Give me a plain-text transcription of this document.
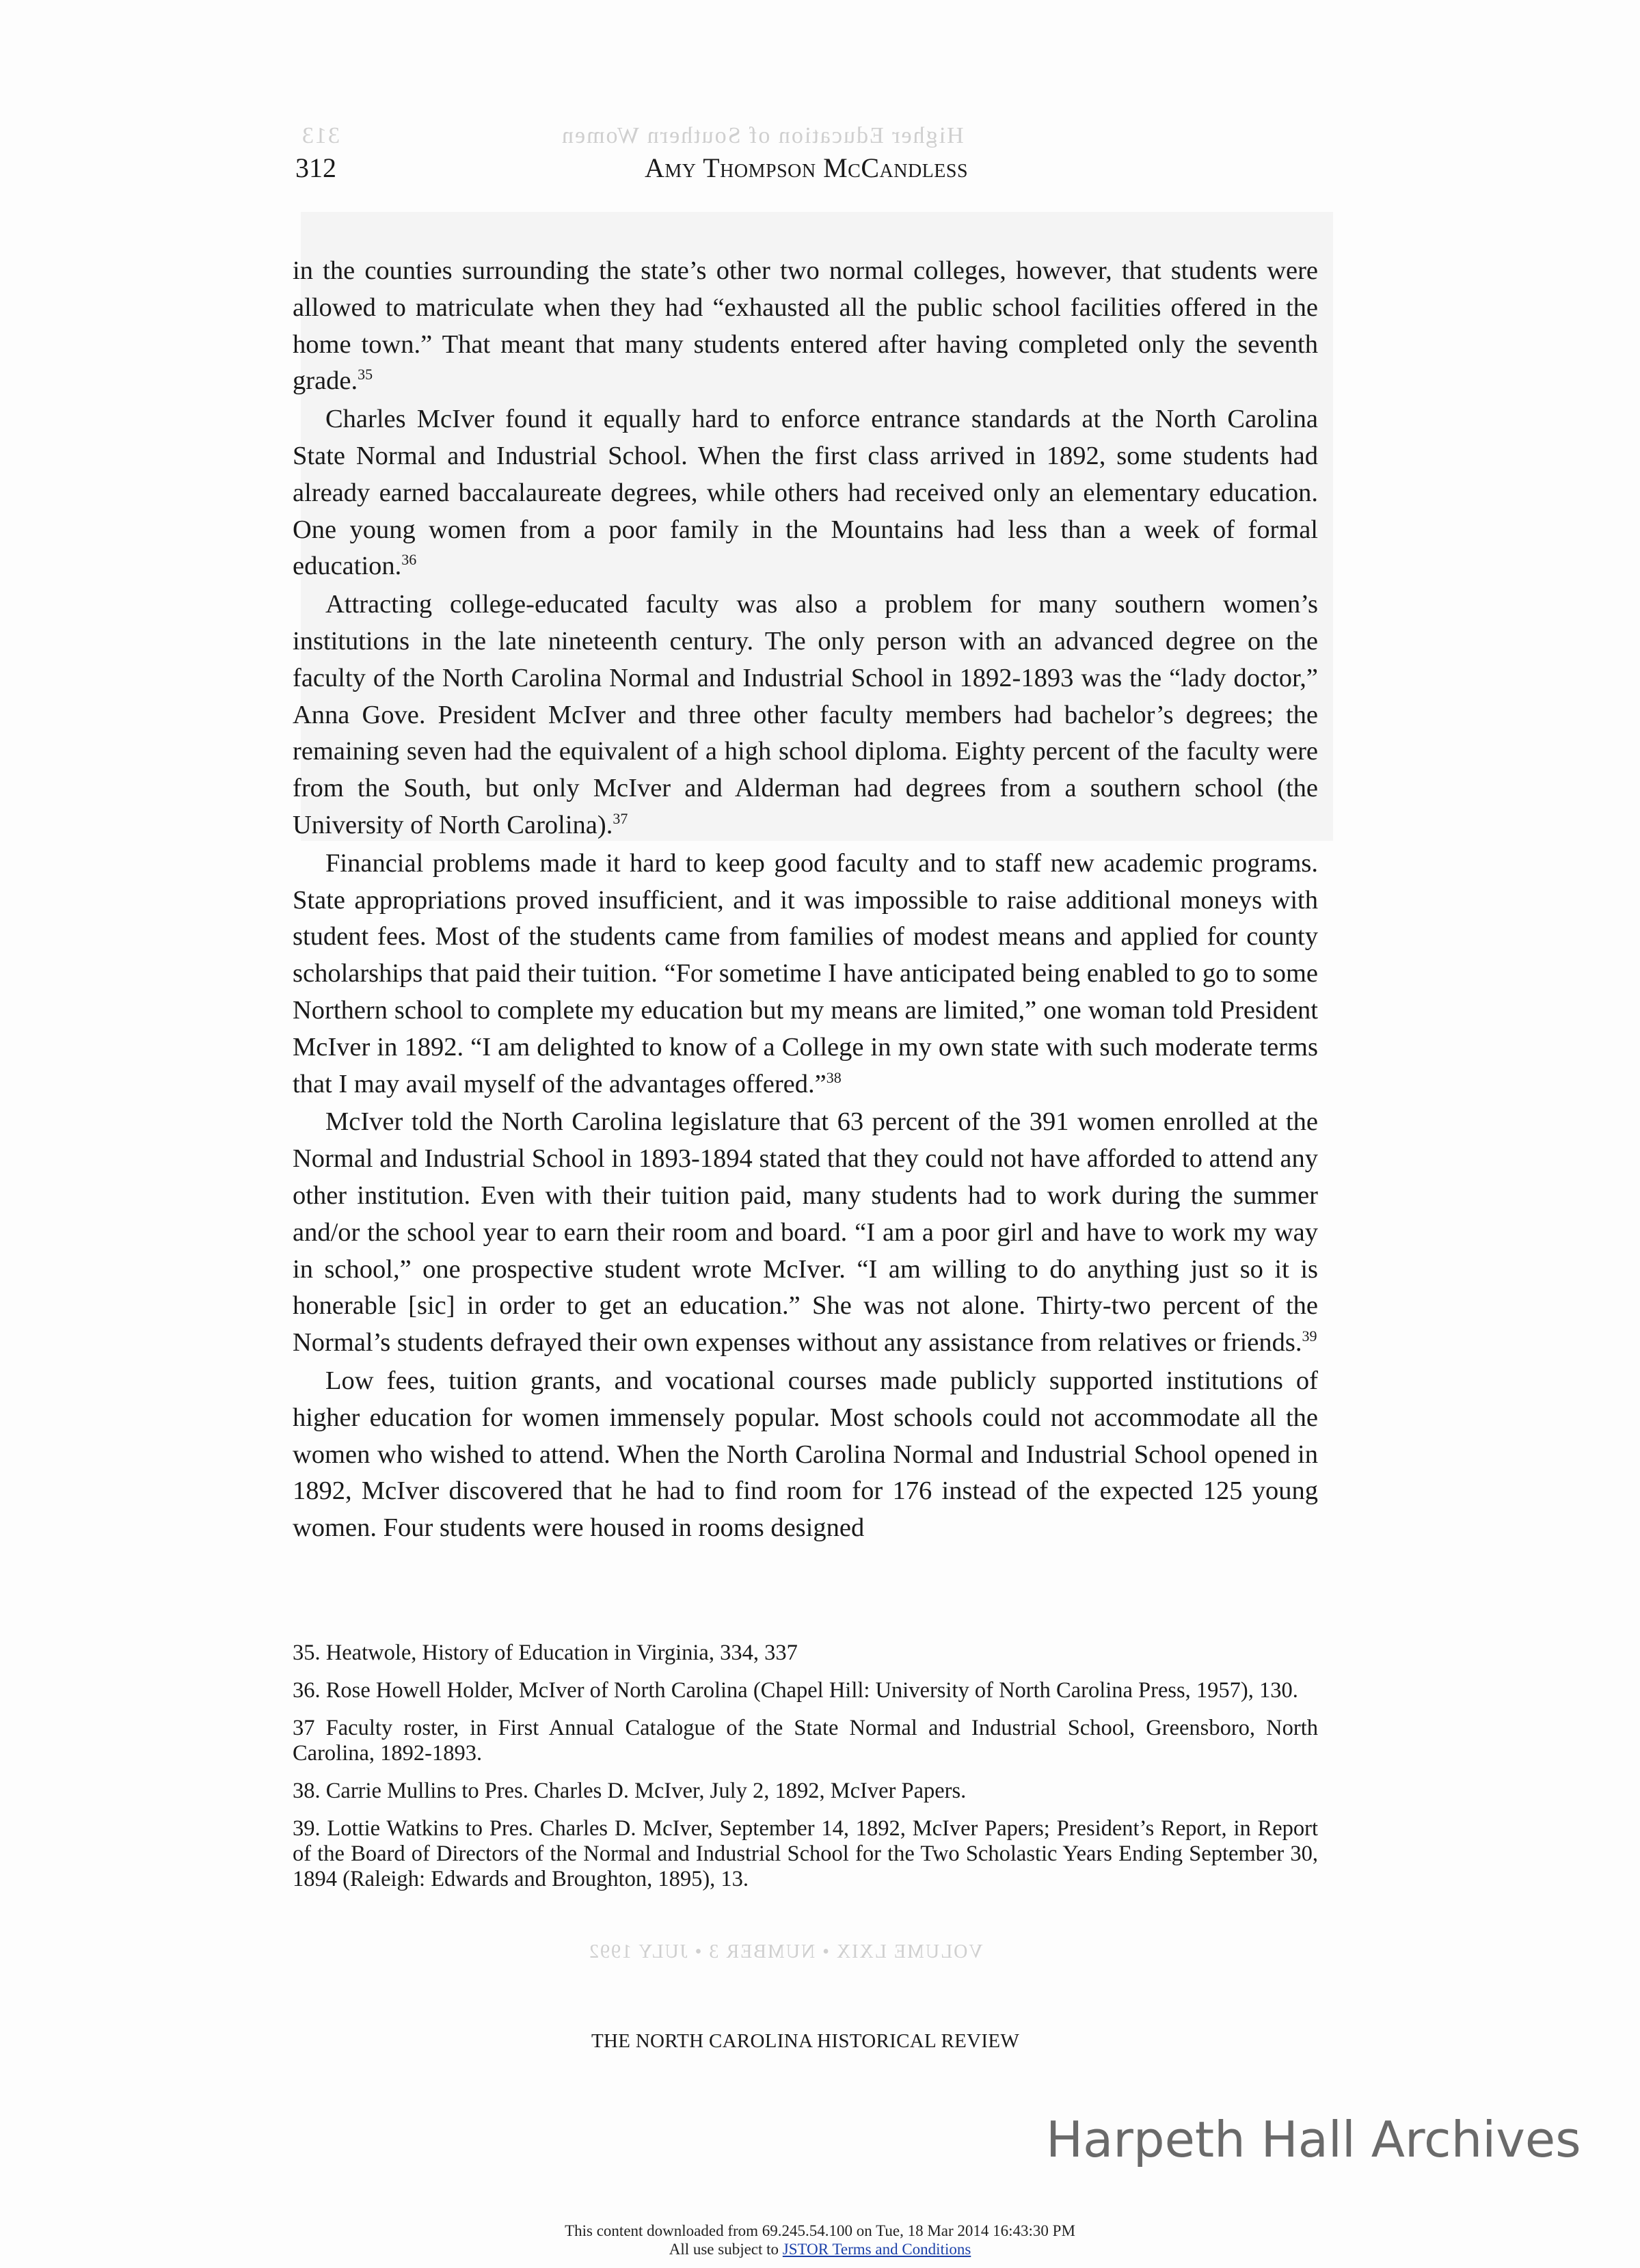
Higher Education of Southern Women
313
VOLUME LXIX • NUMBER 3 • JULY 1992
312	Amy Thompson McCandless

in the counties surrounding the state’s other two normal colleges, however, that students were allowed to matriculate when they had “exhausted all the public school facilities offered in the home town.” That meant that many students entered after having completed only the seventh grade.$^{35}$

Charles McIver found it equally hard to enforce entrance standards at the North Carolina State Normal and Industrial School. When the first class arrived in 1892, some students had already earned baccalaureate degrees, while others had received only an elementary education. One young women from a poor family in the Mountains had less than a week of formal education.$^{36}$

Attracting college-educated faculty was also a problem for many southern women’s institutions in the late nineteenth century. The only person with an advanced degree on the faculty of the North Carolina Normal and Industrial School in 1892-1893 was the “lady doctor,” Anna Gove. President McIver and three other faculty members had bachelor’s degrees; the remaining seven had the equivalent of a high school diploma. Eighty percent of the faculty were from the South, but only McIver and Alderman had degrees from a southern school (the University of North Carolina).$^{37}$

Financial problems made it hard to keep good faculty and to staff new academic programs. State appropriations proved insufficient, and it was impossible to raise additional moneys with student fees. Most of the students came from families of modest means and applied for county scholarships that paid their tuition. “For sometime I have anticipated being enabled to go to some Northern school to complete my education but my means are limited,” one woman told President McIver in 1892. “I am delighted to know of a College in my own state with such moderate terms that I may avail myself of the advantages offered.”$^{38}$

McIver told the North Carolina legislature that 63 percent of the 391 women enrolled at the Normal and Industrial School in 1893-1894 stated that they could not have afforded to attend any other institution. Even with their tuition paid, many students had to work during the summer and/or the school year to earn their room and board. “I am a poor girl and have to work my way in school,” one prospective student wrote McIver. “I am willing to do anything just so it is honerable [sic] in order to get an education.” She was not alone. Thirty-two percent of the Normal’s students defrayed their own expenses without any assistance from relatives or friends.$^{39}$

Low fees, tuition grants, and vocational courses made publicly supported institutions of higher education for women immensely popular. Most schools could not accommodate all the women who wished to attend. When the North Carolina Normal and Industrial School opened in 1892, McIver discovered that he had to find room for 176 instead of the expected 125 young women. Four students were housed in rooms designed

35. Heatwole, History of Education in Virginia, 334, 337
36. Rose Howell Holder, McIver of North Carolina (Chapel Hill: University of North Carolina Press, 1957), 130.
37 Faculty roster, in First Annual Catalogue of the State Normal and Industrial School, Greensboro, North Carolina, 1892-1893.
38. Carrie Mullins to Pres. Charles D. McIver, July 2, 1892, McIver Papers.
39. Lottie Watkins to Pres. Charles D. McIver, September 14, 1892, McIver Papers; President’s Report, in Report of the Board of Directors of the Normal and Industrial School for the Two Scholastic Years Ending September 30, 1894 (Raleigh: Edwards and Broughton, 1895), 13.
THE NORTH CAROLINA HISTORICAL REVIEW
Harpeth Hall Archives
This content downloaded from 69.245.54.100 on Tue, 18 Mar 2014 16:43:30 PM
All use subject to JSTOR Terms and Conditions
